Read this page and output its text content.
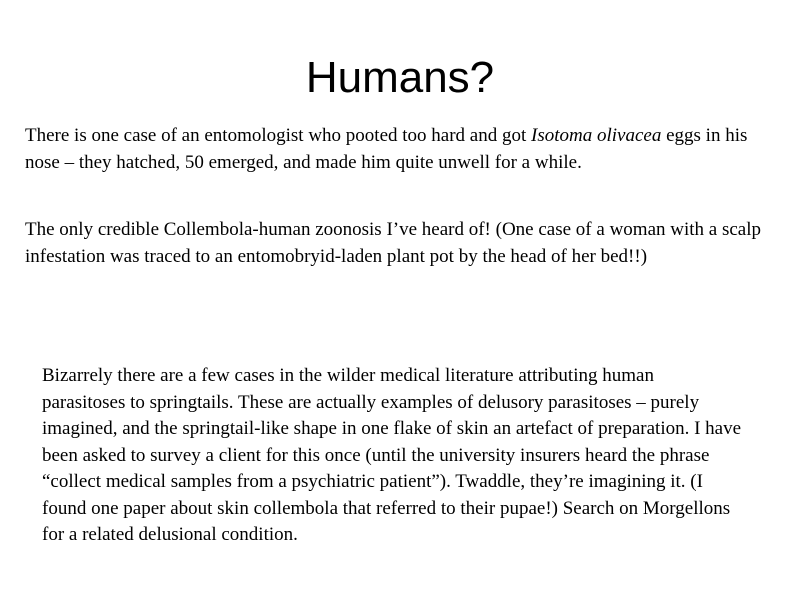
Humans?

There is one case of an entomologist who pooted too hard and got Isotoma olivacea eggs in his nose – they hatched, 50 emerged, and made him quite unwell for a while.

The only credible Collembola-human zoonosis I’ve heard of! (One case of a woman with a scalp infestation was traced to an entomobryid-laden plant pot by the head of her bed!!)

Bizarrely there are a few cases in the wilder medical literature attributing human parasitoses to springtails. These are actually examples of delusory parasitoses – purely imagined, and the springtail-like shape in one flake of skin an artefact of preparation. I have been asked to survey a client for this once (until the university insurers heard the phrase “collect medical samples from a psychiatric patient”). Twaddle, they’re imagining it. (I found one paper about skin collembola that referred to their pupae!) Search on Morgellons for a related delusional condition.
